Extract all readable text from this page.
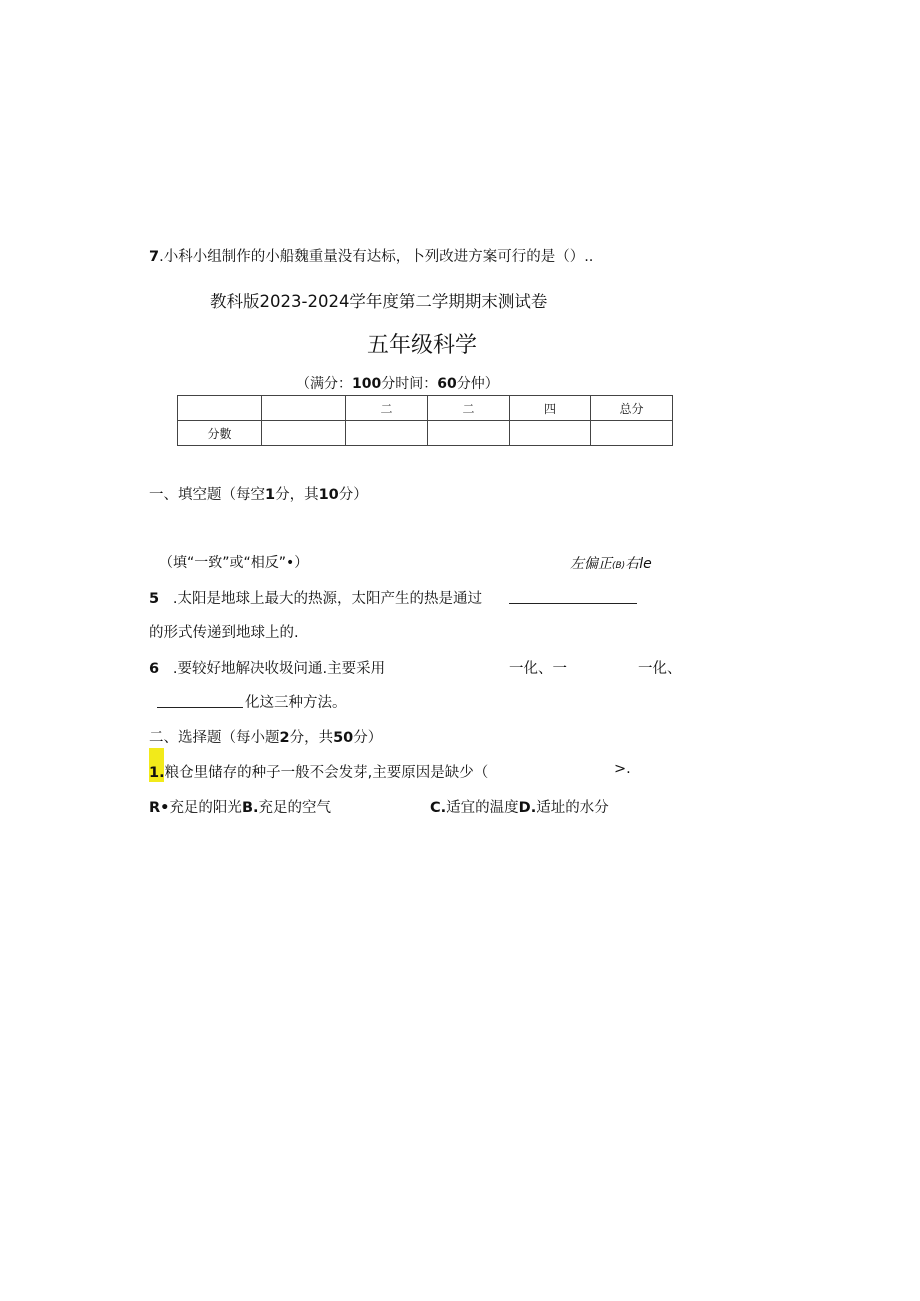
7.小科小组制作的小船魏重量没有达标，卜列改进方案可行的是（）..
教科版2023-2024学年度第二学期期末测试卷
五年级科学
（满分：100分时间：60分仲）
		二	二	四	总分
分數					
一、填空题（每空1分，其10分）
（填“一致”或“相反”•）	左偏正(B)右le
5 .太阳是地球上最大的热源，太阳产生的热是通过
的形式传递到地球上的.
6 .要较好地解决收圾问通.主要采用	一化、一	一化、
化这三种方法。
二、选择题（每小题2分，共50分）
1.粮仓里储存的种子一般不会发芽,主要原因是缺少（	>.
R•充足的阳光B.充足的空气	C.适宜的温度D.适址的水分
